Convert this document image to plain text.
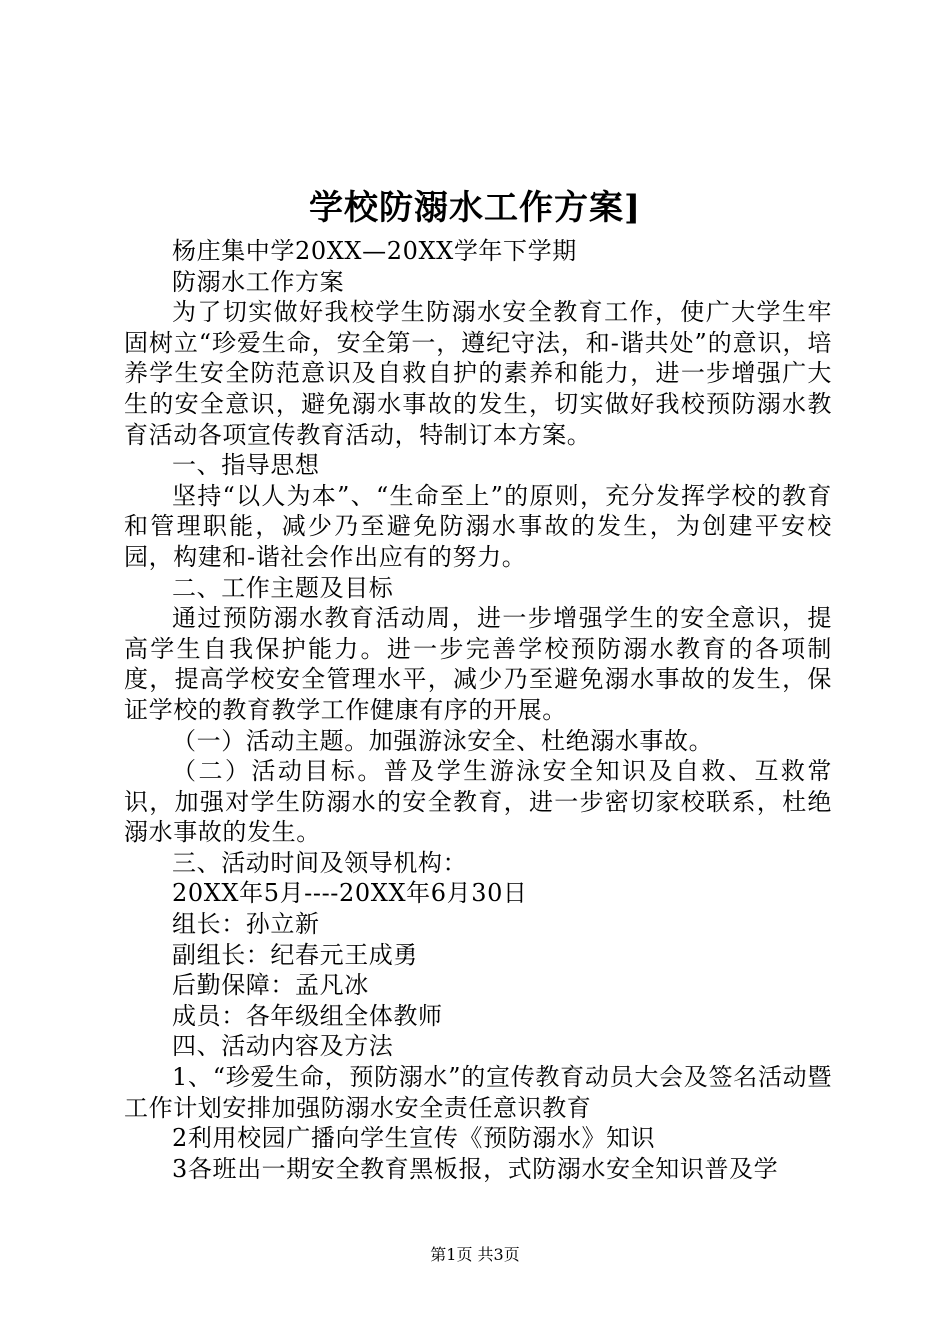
学校防溺水工作方案]

杨庄集中学20XX—20XX学年下学期

防溺水工作方案

为了切实做好我校学生防溺水安全教育工作，使广大学生牢固树立“珍爱生命，安全第一，遵纪守法，和-谐共处”的意识，培养学生安全防范意识及自救自护的素养和能力，进一步增强广大生的安全意识，避免溺水事故的发生，切实做好我校预防溺水教育活动各项宣传教育活动，特制订本方案。

一、指导思想

坚持“以人为本”、“生命至上”的原则，充分发挥学校的教育和管理职能，减少乃至避免防溺水事故的发生，为创建平安校园，构建和-谐社会作出应有的努力。

二、工作主题及目标

通过预防溺水教育活动周，进一步增强学生的安全意识，提高学生自我保护能力。进一步完善学校预防溺水教育的各项制度，提高学校安全管理水平，减少乃至避免溺水事故的发生，保证学校的教育教学工作健康有序的开展。

（一）活动主题。加强游泳安全、杜绝溺水事故。

（二）活动目标。普及学生游泳安全知识及自救、互救常识，加强对学生防溺水的安全教育，进一步密切家校联系，杜绝溺水事故的发生。

三、活动时间及领导机构：

20XX年5月----20XX年6月30日

组长：孙立新

副组长：纪春元王成勇

后勤保障：孟凡冰

成员：各年级组全体教师

四、活动内容及方法

1、“珍爱生命，预防溺水”的宣传教育动员大会及签名活动暨工作计划安排加强防溺水安全责任意识教育

2利用校园广播向学生宣传《预防溺水》知识

3各班出一期安全教育黑板报，式防溺水安全知识普及学

第1页 共3页
